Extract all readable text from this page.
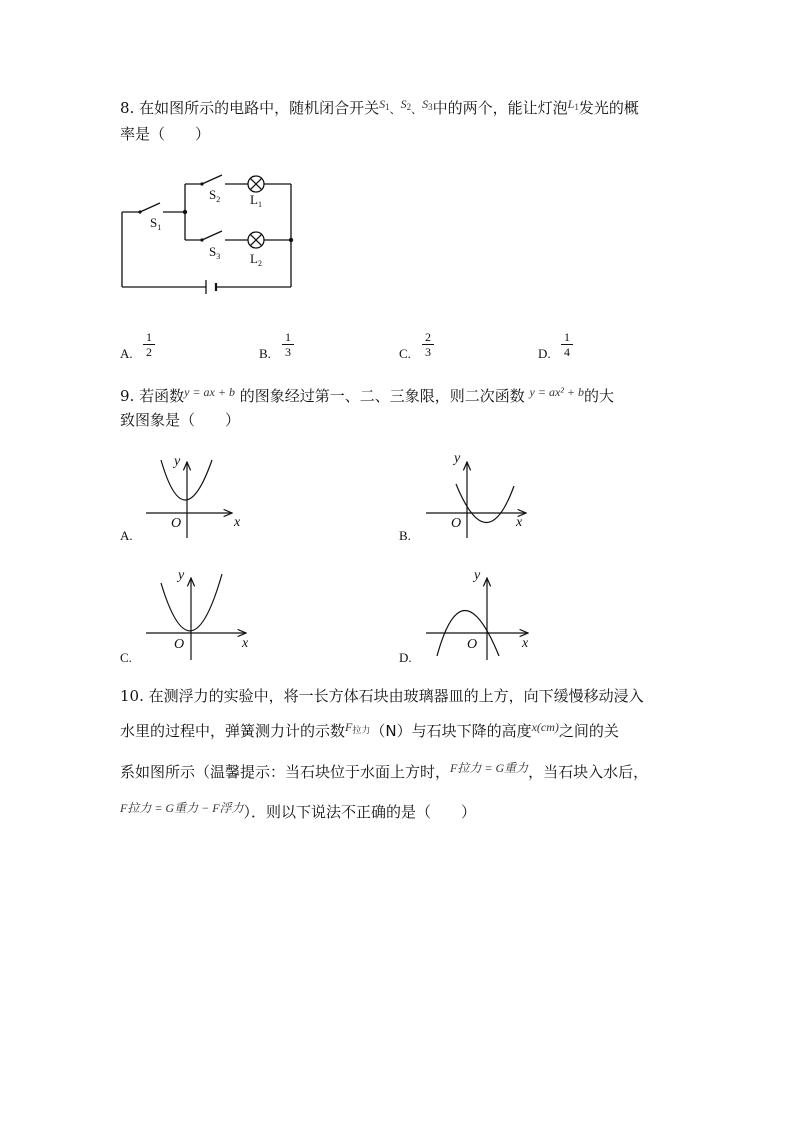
8. 在如图所示的电路中，随机闭合开关$^{S_1}$、$^{S_2}$、$^{S_3}$中的两个，能让灯泡$^{L_1}$发光的概
率是（　　）
$S_1$
$S_2$ $L_1$
$S_3$ $L_2$
A.
1
2	B.
1
3	C.
2
3	D.
1
4
9. 若函数$^{y = ax + b}$ 的图象经过第一、二、三象限，则二次函数 $^{y = ax^2 + b}$的大
致图象是（　　）
y
x
O
y
x
O
y
x
O
y
x
O
A.	B.
C.	D.
10. 在测浮力的实验中，将一长方体石块由玻璃器皿的上方，向下缓慢移动浸入
水里的过程中，弹簧测力计的示数$^{F_{拉力}}$（N）与石块下降的高度$^{x(cm)}$之间的关
系如图所示（温馨提示：当石块位于水面上方时，$^{F拉力 = G重力}$，当石块入水后，
$^{F拉力 = G重力 - F浮力}$）．则以下说法不正确的是（　　）
